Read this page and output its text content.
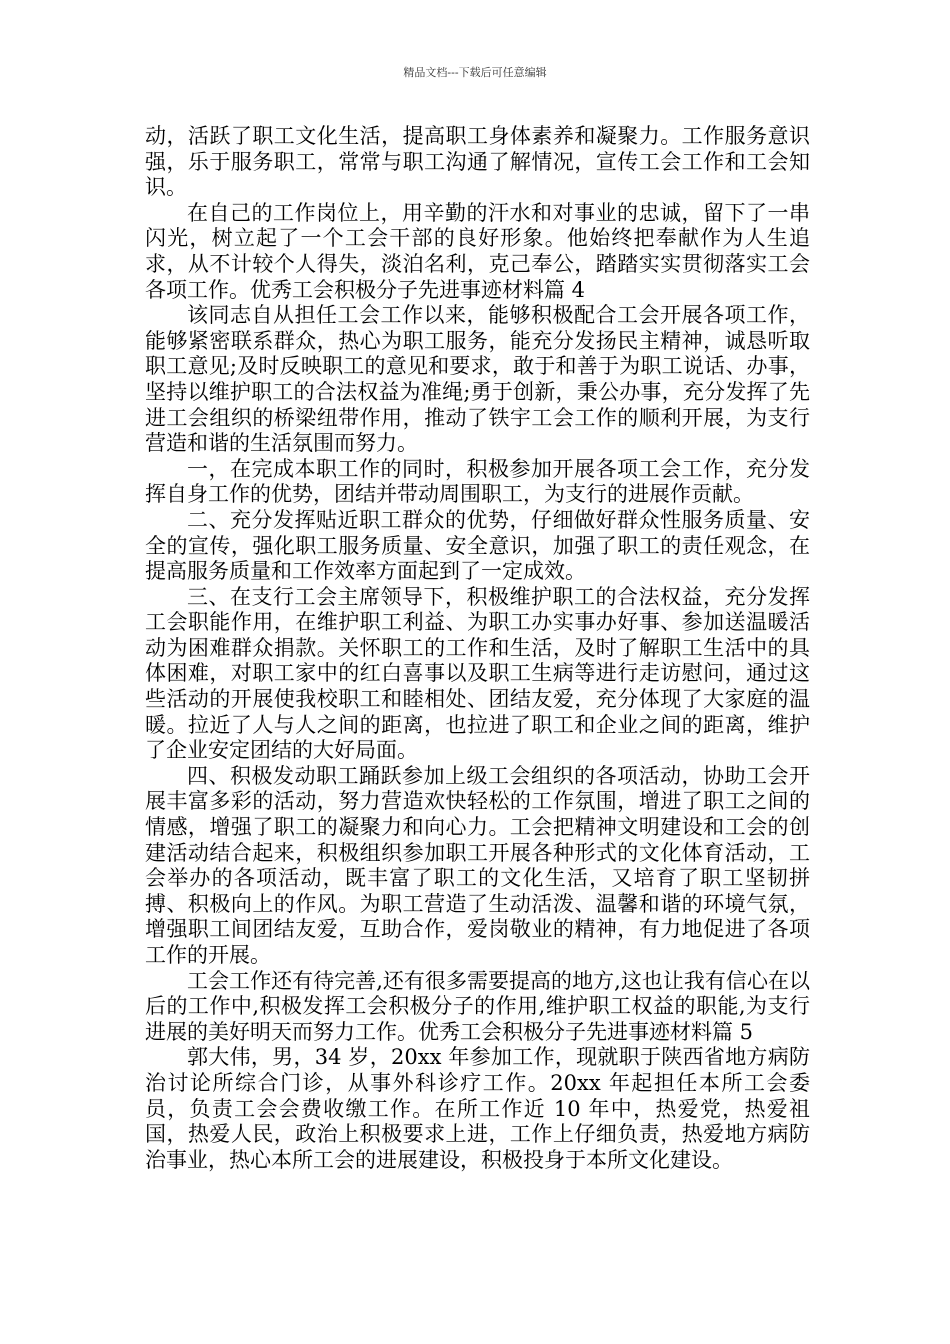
精品文档---下载后可任意编辑

动，活跃了职工文化生活，提高职工身体素养和凝聚力。工作服务意识强，乐于服务职工，常常与职工沟通了解情况，宣传工会工作和工会知识。

在自己的工作岗位上，用辛勤的汗水和对事业的忠诚，留下了一串闪光，树立起了一个工会干部的良好形象。他始终把奉献作为人生追求，从不计较个人得失，淡泊名利，克己奉公，踏踏实实贯彻落实工会各项工作。优秀工会积极分子先进事迹材料篇 4

该同志自从担任工会工作以来，能够积极配合工会开展各项工作，能够紧密联系群众，热心为职工服务，能充分发扬民主精神，诚恳听取职工意见;及时反映职工的意见和要求，敢于和善于为职工说话、办事，坚持以维护职工的合法权益为准绳;勇于创新，秉公办事，充分发挥了先进工会组织的桥梁纽带作用，推动了铁宇工会工作的顺利开展，为支行营造和谐的生活氛围而努力。

一，在完成本职工作的同时，积极参加开展各项工会工作，充分发挥自身工作的优势，团结并带动周围职工，为支行的进展作贡献。

二、充分发挥贴近职工群众的优势，仔细做好群众性服务质量、安全的宣传，强化职工服务质量、安全意识，加强了职工的责任观念，在提高服务质量和工作效率方面起到了一定成效。

三、在支行工会主席领导下，积极维护职工的合法权益，充分发挥工会职能作用，在维护职工利益、为职工办实事办好事、参加送温暖活动为困难群众捐款。关怀职工的工作和生活，及时了解职工生活中的具体困难，对职工家中的红白喜事以及职工生病等进行走访慰问，通过这些活动的开展使我校职工和睦相处、团结友爱，充分体现了大家庭的温暖。拉近了人与人之间的距离，也拉进了职工和企业之间的距离，维护了企业安定团结的大好局面。

四、积极发动职工踊跃参加上级工会组织的各项活动，协助工会开展丰富多彩的活动，努力营造欢快轻松的工作氛围，增进了职工之间的情感，增强了职工的凝聚力和向心力。工会把精神文明建设和工会的创建活动结合起来，积极组织参加职工开展各种形式的文化体育活动，工会举办的各项活动，既丰富了职工的文化生活，又培育了职工坚韧拼搏、积极向上的作风。为职工营造了生动活泼、温馨和谐的环境气氛，增强职工间团结友爱，互助合作，爱岗敬业的精神，有力地促进了各项工作的开展。

工会工作还有待完善,还有很多需要提高的地方,这也让我有信心在以后的工作中,积极发挥工会积极分子的作用,维护职工权益的职能,为支行进展的美好明天而努力工作。优秀工会积极分子先进事迹材料篇 5

郭大伟，男，34 岁，20xx 年参加工作，现就职于陕西省地方病防治讨论所综合门诊，从事外科诊疗工作。20xx 年起担任本所工会委员，负责工会会费收缴工作。在所工作近 10 年中，热爱党，热爱祖国，热爱人民，政治上积极要求上进，工作上仔细负责，热爱地方病防治事业，热心本所工会的进展建设，积极投身于本所文化建设。
